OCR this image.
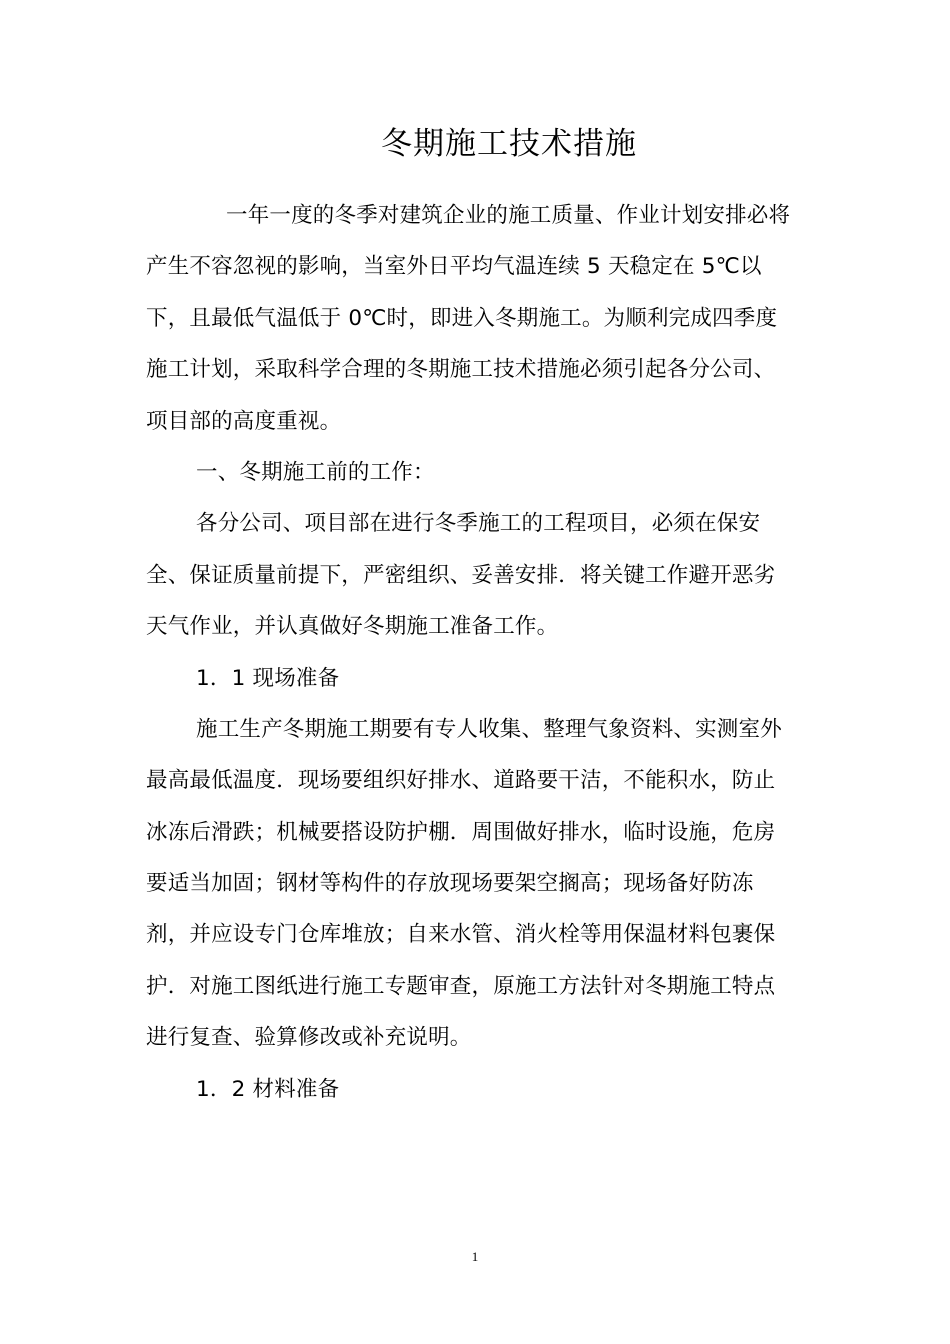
冬期施工技术措施
一年一度的冬季对建筑企业的施工质量、作业计划安排必将
产生不容忽视的影响，当室外日平均气温连续 5 天稳定在 5℃以
下，且最低气温低于 0℃时，即进入冬期施工。为顺利完成四季度
施工计划，采取科学合理的冬期施工技术措施必须引起各分公司、
项目部的高度重视。
一、冬期施工前的工作：
各分公司、项目部在进行冬季施工的工程项目，必须在保安
全、保证质量前提下，严密组织、妥善安排．将关键工作避开恶劣
天气作业，并认真做好冬期施工准备工作。
1．1 现场准备
施工生产冬期施工期要有专人收集、整理气象资料、实测室外
最高最低温度．现场要组织好排水、道路要干洁，不能积水，防止
冰冻后滑跌；机械要搭设防护棚．周围做好排水，临时设施，危房
要适当加固；钢材等构件的存放现场要架空搁高；现场备好防冻
剂，并应设专门仓库堆放；自来水管、消火栓等用保温材料包裹保
护．对施工图纸进行施工专题审查，原施工方法针对冬期施工特点
进行复查、验算修改或补充说明。
1．2 材料准备
1
